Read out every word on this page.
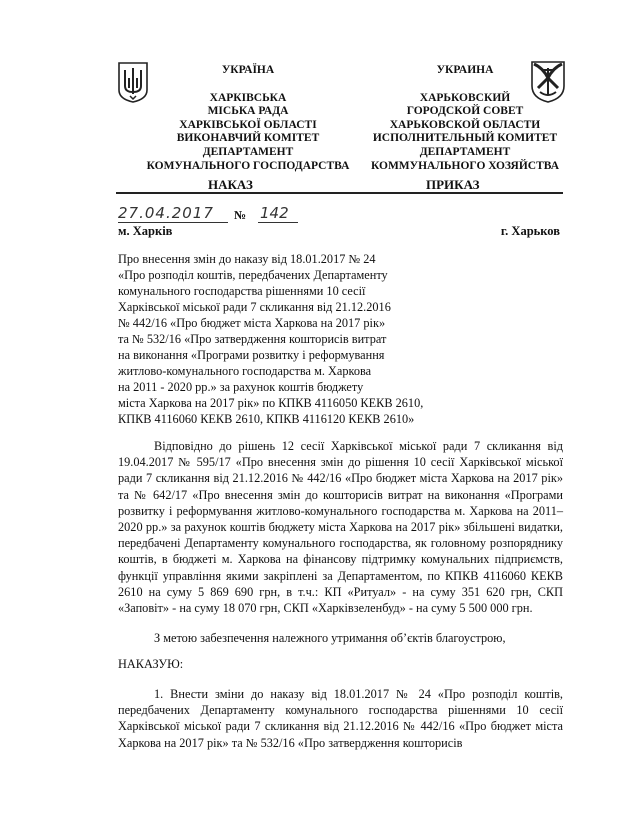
УКРАЇНА
ХАРКІВСЬКА
МІСЬКА РАДА
ХАРКІВСЬКОЇ ОБЛАСТІ
ВИКОНАВЧИЙ КОМІТЕТ
ДЕПАРТАМЕНТ
КОМУНАЛЬНОГО ГОСПОДАРСТВА
УКРАИНА
ХАРЬКОВСКИЙ
ГОРОДСКОЙ СОВЕТ
ХАРЬКОВСКОЙ ОБЛАСТИ
ИСПОЛНИТЕЛЬНЫЙ КОМИТЕТ
ДЕПАРТАМЕНТ
КОММУНАЛЬНОГО ХОЗЯЙСТВА
НАКАЗ	ПРИКАЗ
27.04.2017 № 142
м. Харків	г. Харьков
Про внесення змін до наказу від 18.01.2017 № 24
«Про розподіл коштів, передбачених Департаменту
комунального господарства рішеннями 10 сесії
Харківської міської ради 7 скликання від 21.12.2016
№ 442/16 «Про бюджет міста Харкова на 2017 рік»
та № 532/16 «Про затвердження кошторисів витрат
на виконання «Програми розвитку і реформування
житлово-комунального господарства м. Харкова
на 2011 - 2020 рр.» за рахунок коштів бюджету
міста Харкова на 2017 рік» по КПКВ 4116050 КЕКВ 2610,
КПКВ 4116060 КЕКВ 2610, КПКВ 4116120 КЕКВ 2610»

Відповідно до рішень 12 сесії Харківської міської ради 7 скликання від 19.04.2017 № 595/17 «Про внесення змін до рішення 10 сесії Харківської міської ради 7 скликання від 21.12.2016 № 442/16 «Про бюджет міста Харкова на 2017 рік» та № 642/17 «Про внесення змін до кошторисів витрат на виконання «Програми розвитку і реформування житлово-комунального господарства м. Харкова на 2011–2020 рр.» за рахунок коштів бюджету міста Харкова на 2017 рік» збільшені видатки, передбачені Департаменту комунального господарства, як головному розпоряднику коштів, в бюджеті м. Харкова на фінансову підтримку комунальних підприємств, функції управління якими закріплені за Департаментом, по КПКВ 4116060 КЕКВ 2610 на суму 5 869 690 грн, в т.ч.: КП «Ритуал» - на суму 351 620 грн, СКП «Заповіт» - на суму 18 070 грн, СКП «Харківзеленбуд» - на суму 5 500 000 грн.

З метою забезпечення належного утримання об’єктів благоустрою,

НАКАЗУЮ:

1. Внести зміни до наказу від 18.01.2017 № 24 «Про розподіл коштів, передбачених Департаменту комунального господарства рішеннями 10 сесії Харківської міської ради 7 скликання від 21.12.2016 № 442/16 «Про бюджет міста Харкова на 2017 рік» та № 532/16 «Про затвердження кошторисів
